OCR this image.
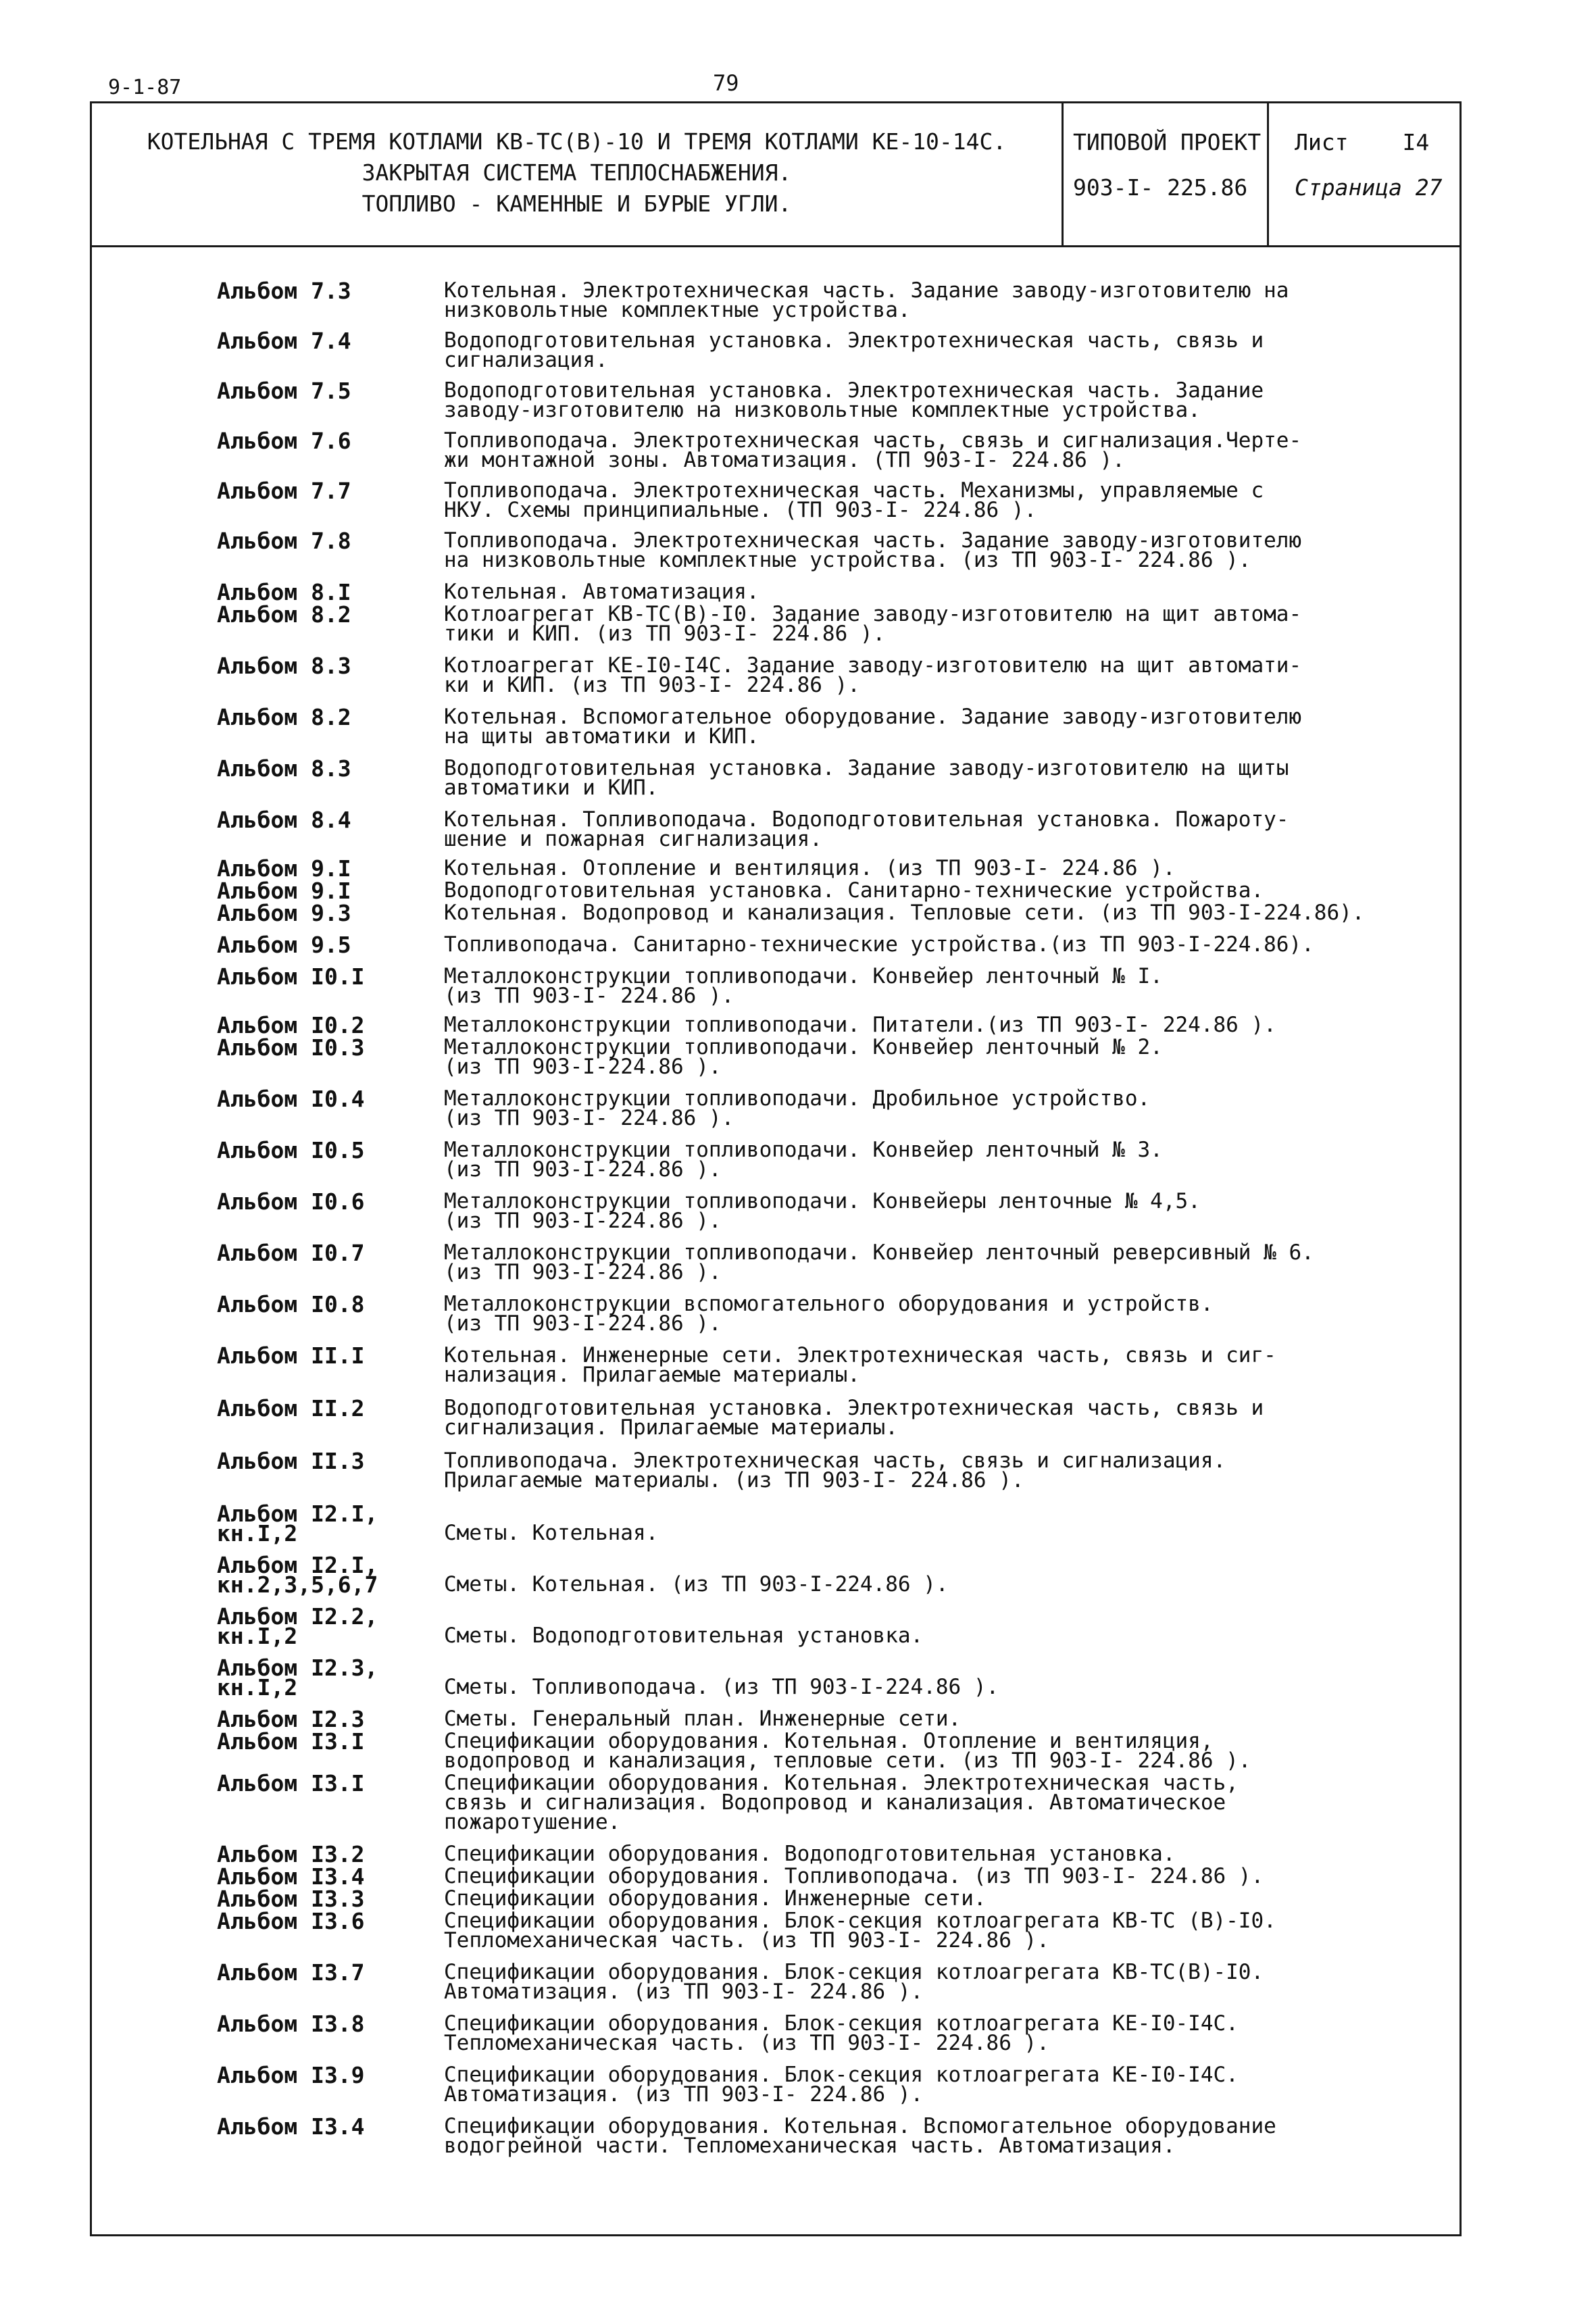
9-1-87	79
КОТЕЛЬНАЯ С ТРЕМЯ КОТЛАМИ КВ-ТС(В)-10 И ТРЕМЯ КОТЛАМИ КЕ-10-14С.
ЗАКРЫТАЯ СИСТЕМА ТЕПЛОСНАБЖЕНИЯ.
ТОПЛИВО - КАМЕННЫЕ И БУРЫЕ УГЛИ.
ТИПОВОЙ ПРОЕКТ
903-I- 225.86
Лист I4
Страница 27
Альбом 7.3	Котельная. Электротехническая часть. Задание заводу-изготовителю на
низковольтные комплектные устройства.
Альбом 7.4	Водоподготовительная установка. Электротехническая часть, связь и
сигнализация.
Альбом 7.5	Водоподготовительная установка. Электротехническая часть. Задание
заводу-изготовителю на низковольтные комплектные устройства.
Альбом 7.6	Топливоподача. Электротехническая часть, связь и сигнализация.Черте-
жи монтажной зоны. Автоматизация. (ТП 903-I- 224.86 ).
Альбом 7.7	Топливоподача. Электротехническая часть. Механизмы, управляемые с
НКУ. Схемы принципиальные. (ТП 903-I- 224.86 ).
Альбом 7.8	Топливоподача. Электротехническая часть. Задание заводу-изготовителю
на низковольтные комплектные устройства. (из ТП 903-I- 224.86 ).
Альбом 8.I	Котельная. Автоматизация.
Альбом 8.2	Котлоагрегат КВ-ТС(В)-I0. Задание заводу-изготовителю на щит автома-
тики и КИП. (из ТП 903-I- 224.86 ).
Альбом 8.3	Котлоагрегат КЕ-I0-I4С. Задание заводу-изготовителю на щит автомати-
ки и КИП. (из ТП 903-I- 224.86 ).
Альбом 8.2	Котельная. Вспомогательное оборудование. Задание заводу-изготовителю
на щиты автоматики и КИП.
Альбом 8.3	Водоподготовительная установка. Задание заводу-изготовителю на щиты
автоматики и КИП.
Альбом 8.4	Котельная. Топливоподача. Водоподготовительная установка. Пожароту-
шение и пожарная сигнализация.
Альбом 9.I	Котельная. Отопление и вентиляция. (из ТП 903-I- 224.86 ).
Альбом 9.I	Водоподготовительная установка. Санитарно-технические устройства.
Альбом 9.3	Котельная. Водопровод и канализация. Тепловые сети. (из ТП 903-I-224.86).
Альбом 9.5	Топливоподача. Санитарно-технические устройства.(из ТП 903-I-224.86).
Альбом I0.I	Металлоконструкции топливоподачи. Конвейер ленточный № I.
(из ТП 903-I- 224.86 ).
Альбом I0.2	Металлоконструкции топливоподачи. Питатели.(из ТП 903-I- 224.86 ).
Альбом I0.3	Металлоконструкции топливоподачи. Конвейер ленточный № 2.
(из ТП 903-I-224.86 ).
Альбом I0.4	Металлоконструкции топливоподачи. Дробильное устройство.
(из ТП 903-I- 224.86 ).
Альбом I0.5	Металлоконструкции топливоподачи. Конвейер ленточный № 3.
(из ТП 903-I-224.86 ).
Альбом I0.6	Металлоконструкции топливоподачи. Конвейеры ленточные № 4,5.
(из ТП 903-I-224.86 ).
Альбом I0.7	Металлоконструкции топливоподачи. Конвейер ленточный реверсивный № 6.
(из ТП 903-I-224.86 ).
Альбом I0.8	Металлоконструкции вспомогательного оборудования и устройств.
(из ТП 903-I-224.86 ).
Альбом II.I	Котельная. Инженерные сети. Электротехническая часть, связь и сиг-
нализация. Прилагаемые материалы.
Альбом II.2	Водоподготовительная установка. Электротехническая часть, связь и
сигнализация. Прилагаемые материалы.
Альбом II.3	Топливоподача. Электротехническая часть, связь и сигнализация.
Прилагаемые материалы. (из ТП 903-I- 224.86 ).
Альбом I2.I,
кн.I,2
	Сметы. Котельная.
Альбом I2.I,
кн.2,3,5,6,7
	Сметы. Котельная. (из ТП 903-I-224.86 ).
Альбом I2.2,
кн.I,2
	Сметы. Водоподготовительная установка.
Альбом I2.3,
кн.I,2
	Сметы. Топливоподача. (из ТП 903-I-224.86 ).
Альбом I2.3	Сметы. Генеральный план. Инженерные сети.
Альбом I3.I	Спецификации оборудования. Котельная. Отопление и вентиляция,
водопровод и канализация, тепловые сети. (из ТП 903-I- 224.86 ).
Альбом I3.I	Спецификации оборудования. Котельная. Электротехническая часть,
связь и сигнализация. Водопровод и канализация. Автоматическое
пожаротушение.
Альбом I3.2	Спецификации оборудования. Водоподготовительная установка.
Альбом I3.4	Спецификации оборудования. Топливоподача. (из ТП 903-I- 224.86 ).
Альбом I3.3	Спецификации оборудования. Инженерные сети.
Альбом I3.6	Спецификации оборудования. Блок-секция котлоагрегата КВ-ТС (В)-I0.
Тепломеханическая часть. (из ТП 903-I- 224.86 ).
Альбом I3.7	Спецификации оборудования. Блок-секция котлоагрегата КВ-ТС(В)-I0.
Автоматизация. (из ТП 903-I- 224.86 ).
Альбом I3.8	Спецификации оборудования. Блок-секция котлоагрегата КЕ-I0-I4С.
Тепломеханическая часть. (из ТП 903-I- 224.86 ).
Альбом I3.9	Спецификации оборудования. Блок-секция котлоагрегата КЕ-I0-I4С.
Автоматизация. (из ТП 903-I- 224.86 ).
Альбом I3.4	Спецификации оборудования. Котельная. Вспомогательное оборудование
водогрейной части. Тепломеханическая часть. Автоматизация.
